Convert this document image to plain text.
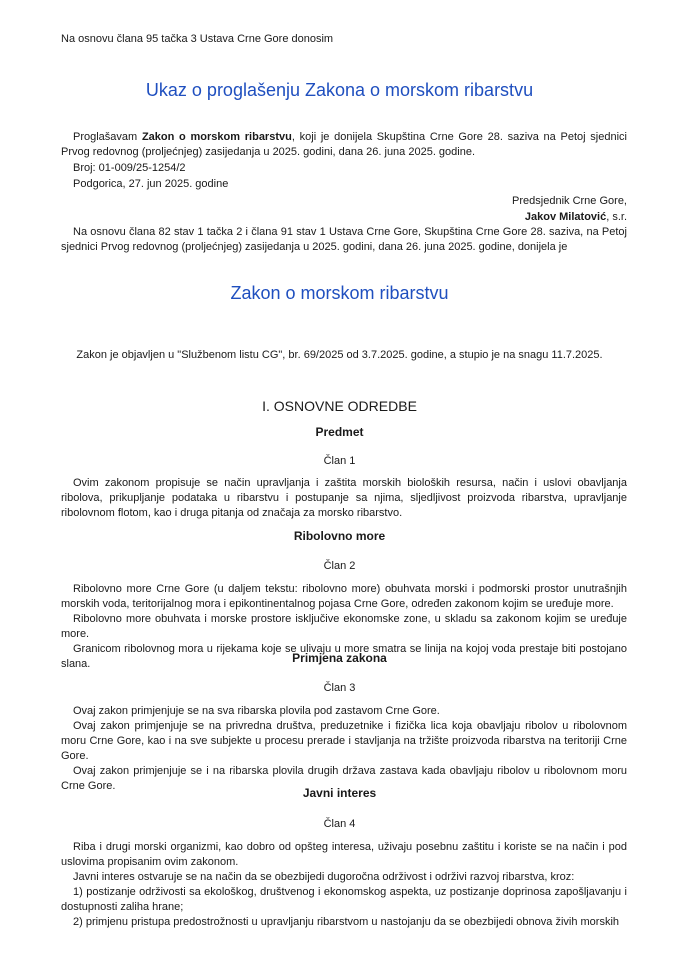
Na osnovu člana 95 tačka 3 Ustava Crne Gore donosim

Ukaz o proglašenju Zakona o morskom ribarstvu

Proglašavam Zakon o morskom ribarstvu, koji je donijela Skupština Crne Gore 28. saziva na Petoj sjednici Prvog redovnog (proljećnjeg) zasijedanja u 2025. godini, dana 26. juna 2025. godine.

Broj: 01-009/25-1254/2

Podgorica, 27. jun 2025. godine

Predsjednik Crne Gore,

Jakov Milatović, s.r.

Na osnovu člana 82 stav 1 tačka 2 i člana 91 stav 1 Ustava Crne Gore, Skupština Crne Gore 28. saziva, na Petoj sjednici Prvog redovnog (proljećnjeg) zasijedanja u 2025. godini, dana 26. juna 2025. godine, donijela je

Zakon o morskom ribarstvu

Zakon je objavljen u "Službenom listu CG", br. 69/2025 od 3.7.2025. godine, a stupio je na snagu 11.7.2025.

I. OSNOVNE ODREDBE

Predmet

Član 1

Ovim zakonom propisuje se način upravljanja i zaštita morskih bioloških resursa, način i uslovi obavljanja ribolova, prikupljanje podataka u ribarstvu i postupanje sa njima, sljedljivost proizvoda ribarstva, upravljanje ribolovnom flotom, kao i druga pitanja od značaja za morsko ribarstvo.

Ribolovno more

Član 2

Ribolovno more Crne Gore (u daljem tekstu: ribolovno more) obuhvata morski i podmorski prostor unutrašnjih morskih voda, teritorijalnog mora i epikontinentalnog pojasa Crne Gore, određen zakonom kojim se uređuje more.

Ribolovno more obuhvata i morske prostore isključive ekonomske zone, u skladu sa zakonom kojim se uređuje more.

Granicom ribolovnog mora u rijekama koje se ulivaju u more smatra se linija na kojoj voda prestaje biti postojano slana.	Primjena zakona

Član 3

Ovaj zakon primjenjuje se na sva ribarska plovila pod zastavom Crne Gore.

Ovaj zakon primjenjuje se na privredna društva, preduzetnike i fizička lica koja obavljaju ribolov u ribolovnom moru Crne Gore, kao i na sve subjekte u procesu prerade i stavljanja na tržište proizvoda ribarstva na teritoriji Crne Gore.

Ovaj zakon primjenjuje se i na ribarska plovila drugih država zastava kada obavljaju ribolov u ribolovnom moru Crne Gore.	Javni interes

Član 4

Riba i drugi morski organizmi, kao dobro od opšteg interesa, uživaju posebnu zaštitu i koriste se na način i pod uslovima propisanim ovim zakonom.

Javni interes ostvaruje se na način da se obezbijedi dugoročna održivost i održivi razvoj ribarstva, kroz:

1) postizanje održivosti sa ekološkog, društvenog i ekonomskog aspekta, uz postizanje doprinosa zapošljavanju i dostupnosti zaliha hrane;

2) primjenu pristupa predostrožnosti u upravljanju ribarstvom u nastojanju da se obezbijedi obnova živih morskih
